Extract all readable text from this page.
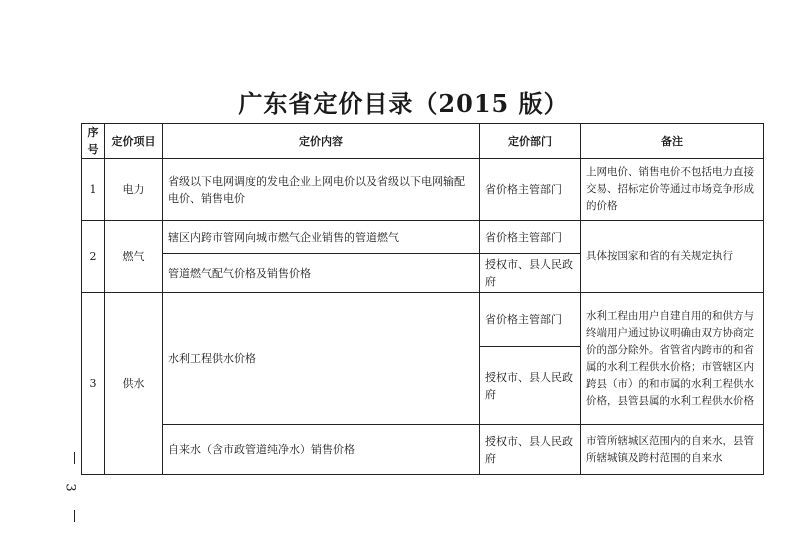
广东省定价目录（2015 版）
序号	定价项目	定价内容	定价部门	备注
1	电力	省级以下电网调度的发电企业上网电价以及省级以下电网输配电价、销售电价	省价格主管部门	上网电价、销售电价不包括电力直接交易、招标定价等通过市场竞争形成的价格
2	燃气	辖区内跨市管网向城市燃气企业销售的管道燃气	省价格主管部门	具体按国家和省的有关规定执行
		管道燃气配气价格及销售价格	授权市、县人民政府	
3	供水	水利工程供水价格	省价格主管部门	水利工程由用户自建自用的和供方与终端用户通过协议明确由双方协商定价的部分除外。省管省内跨市的和省属的水利工程供水价格；市管辖区内跨县（市）的和市属的水利工程供水价格，县管县属的水利工程供水价格
			授权市、县人民政府	
		自来水（含市政管道纯净水）销售价格	授权市、县人民政府	市管所辖城区范围内的自来水，县管所辖城镇及跨村范围的自来水
3
